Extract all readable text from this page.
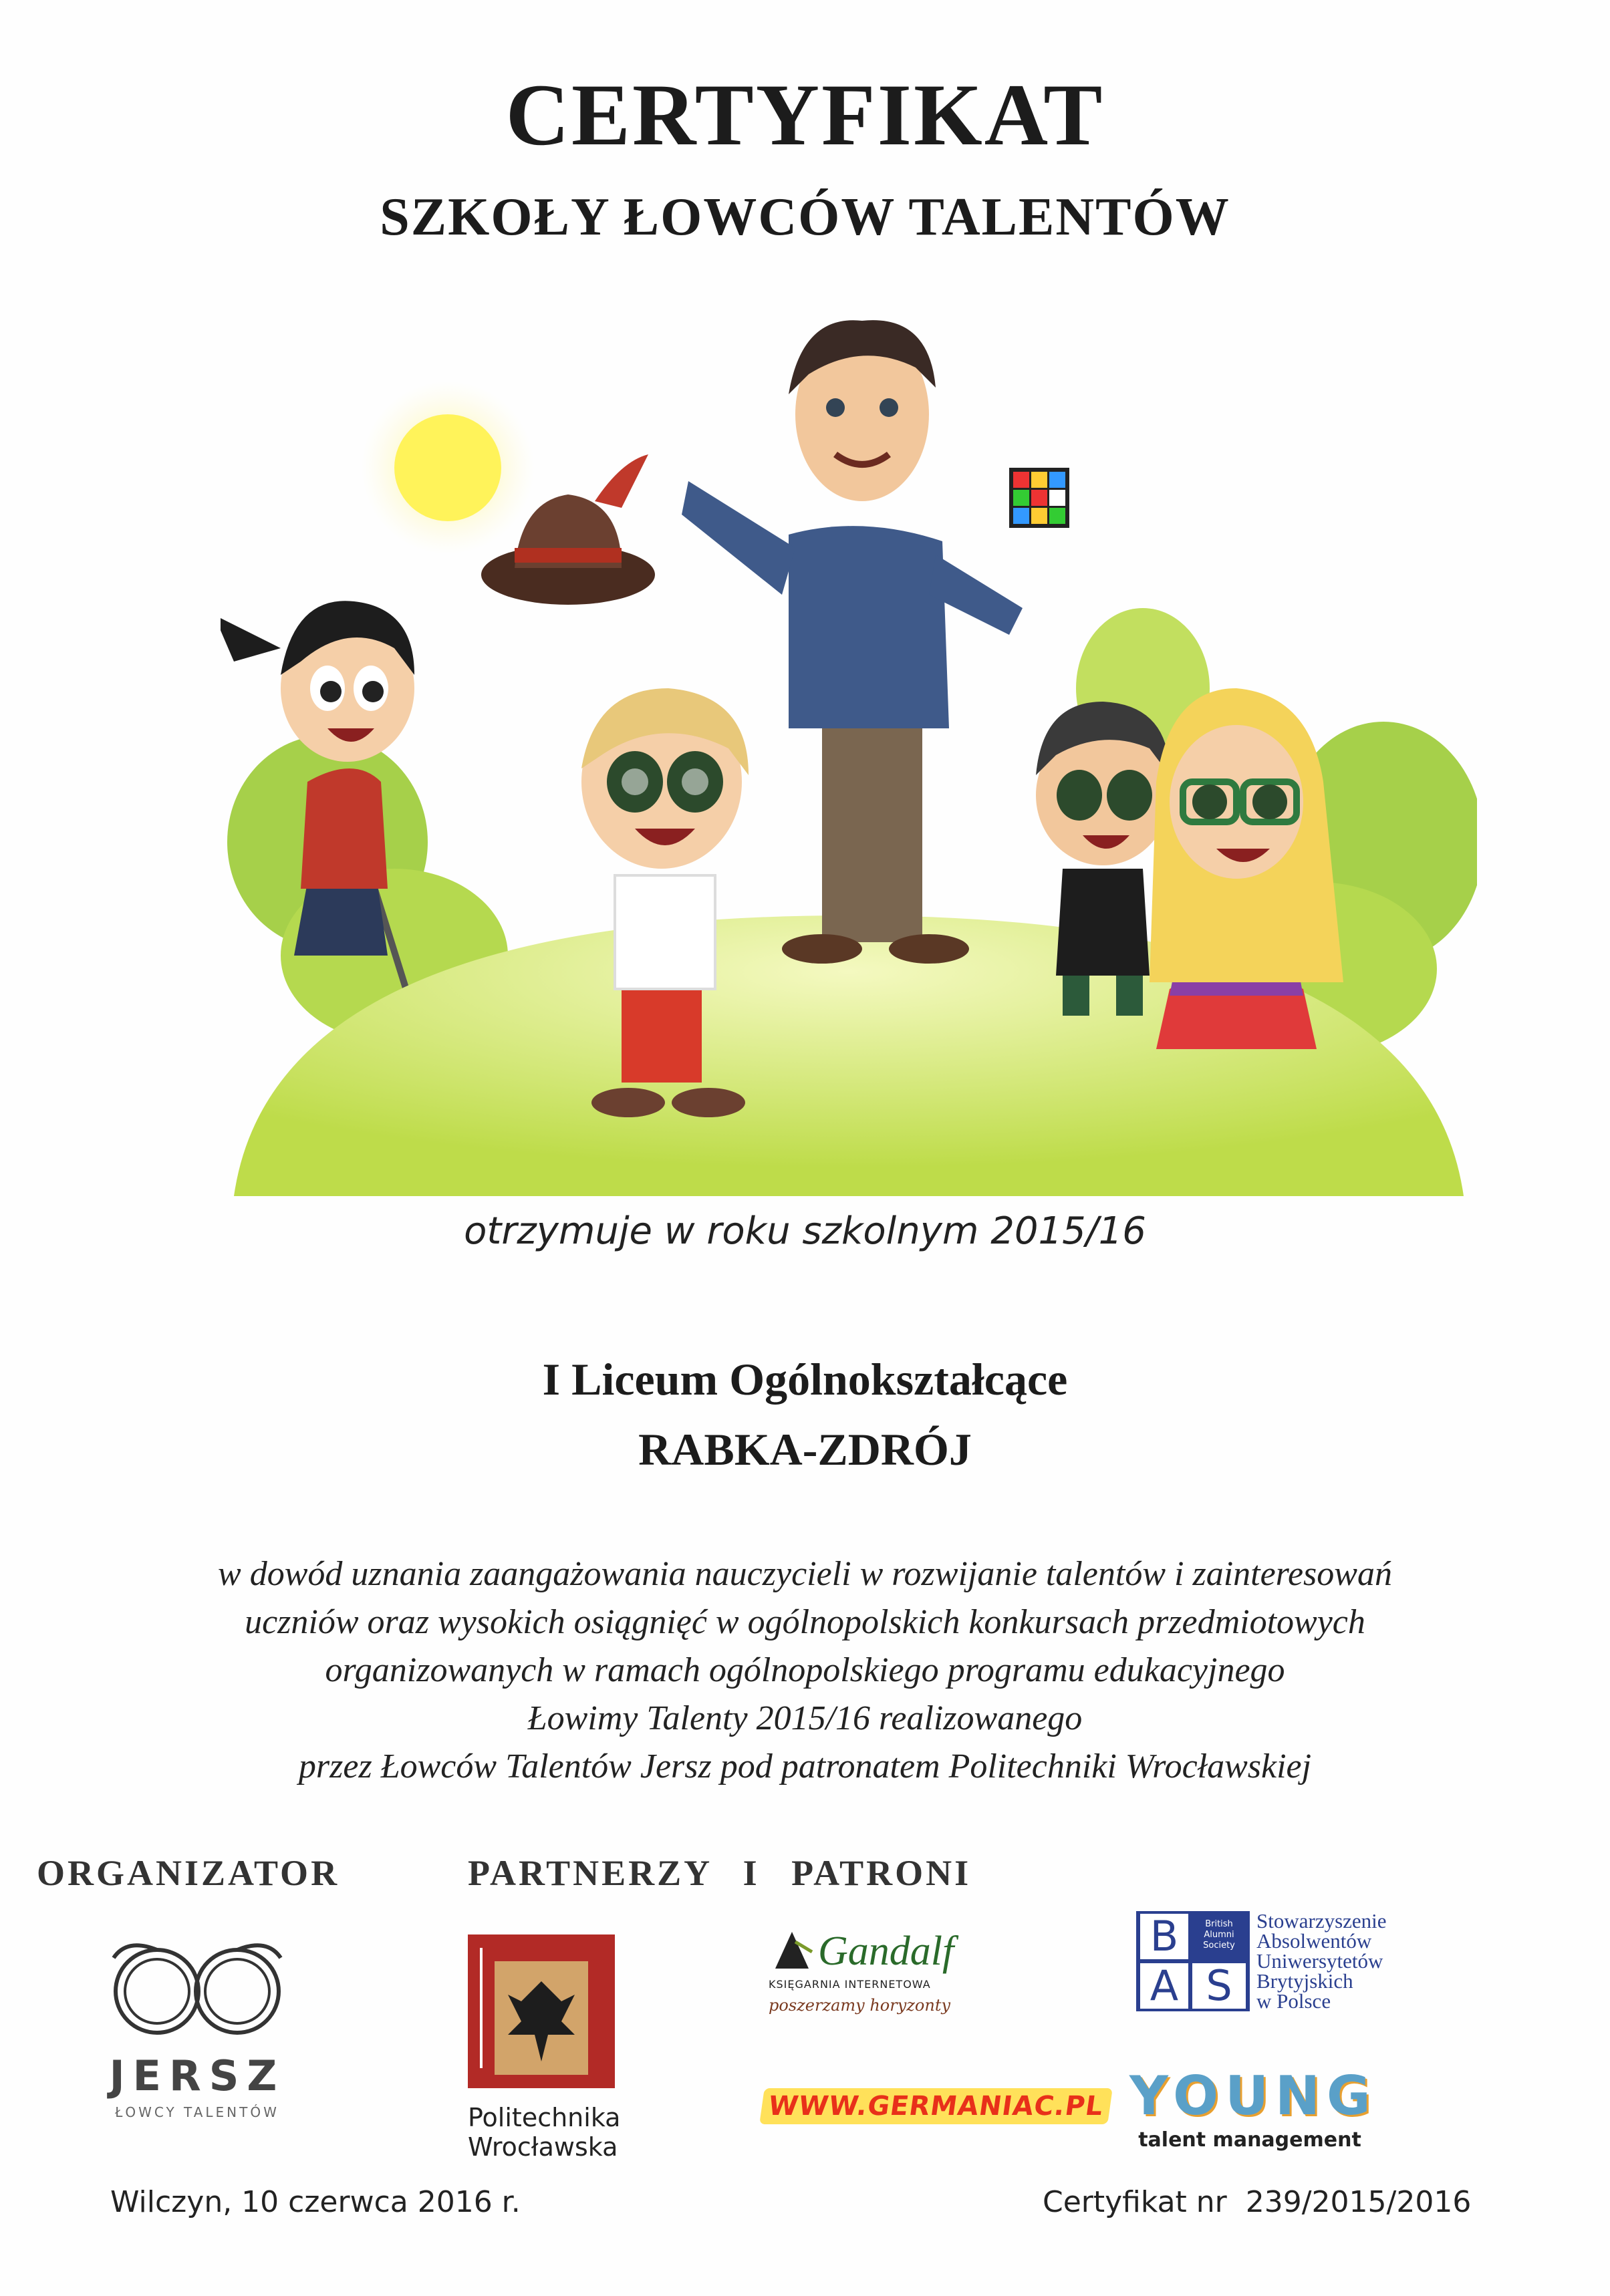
CERTYFIKAT
SZKOŁY ŁOWCÓW TALENTÓW
otrzymuje w roku szkolnym 2015/16
I Liceum Ogólnokształcące
RABKA-ZDRÓJ
w dowód uznania zaangażowania nauczycieli w rozwijanie talentów i zainteresowań
uczniów oraz wysokich osiągnięć w ogólnopolskich konkursach przedmiotowych
organizowanych w ramach ogólnopolskiego programu edukacyjnego
Łowimy Talenty 2015/16 realizowanego
przez Łowców Talentów Jersz pod patronatem Politechniki Wrocławskiej
ORGANIZATOR	PARTNERZY I PATRONI
JERSZ
ŁOWCY TALENTÓW	Politechnika
Wrocławska
Gandalf
KSIĘGARNIA INTERNETOWA
poszerzamy horyzonty
WWW.GERMANIAC.PL
B	British Alumni Society
A S
Stowarzyszenie
Absolwentów
Uniwersytetów
Brytyjskich
w Polsce
YOUNG
talent management
Wilczyn, 10 czerwca 2016 r.	Certyfikat nr  239/2015/2016
